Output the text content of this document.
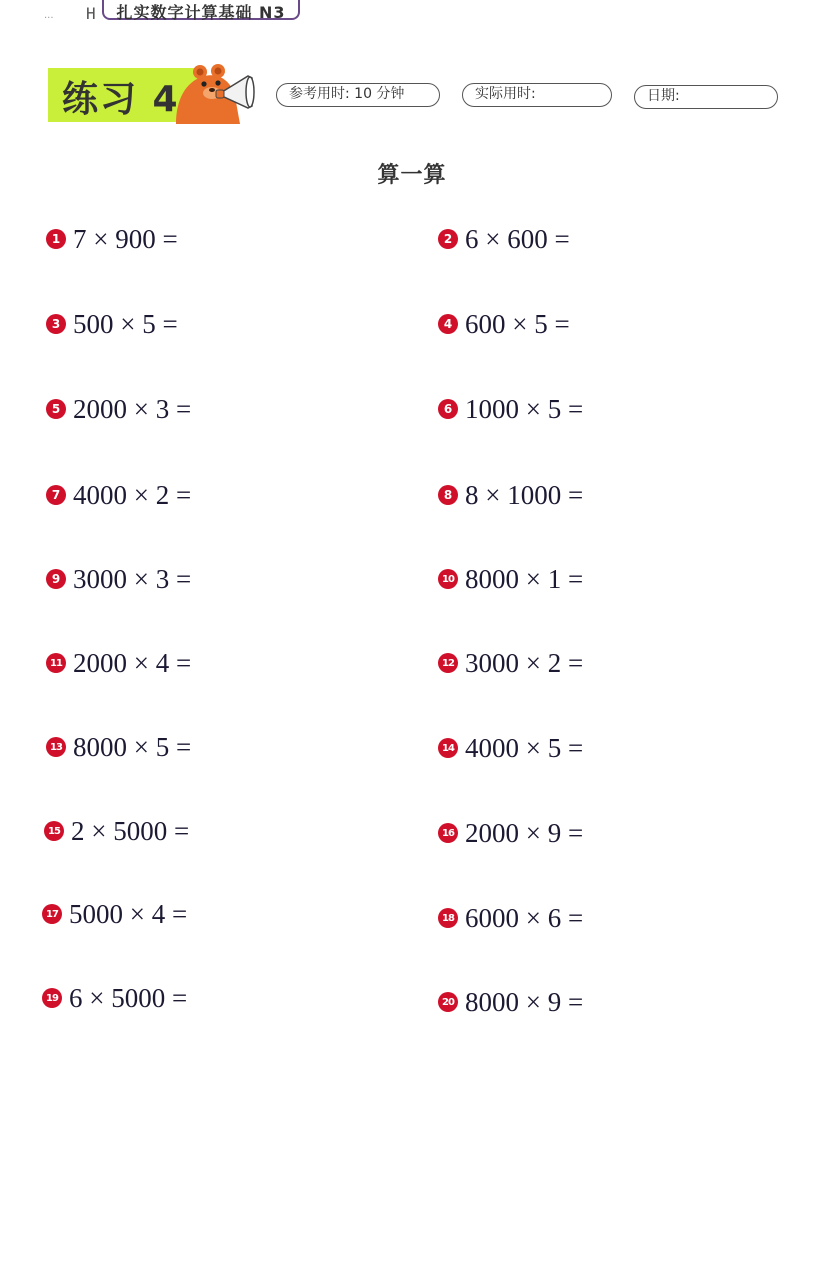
... H	扎实数字计算基础 N3
练习 4	参考用时: 10 分钟	实际用时:	日期:
算一算
1 7 × 900 =	2 6 × 600 =
3 500 × 5 =	4 600 × 5 =
5 2000 × 3 =	6 1000 × 5 =
7 4000 × 2 =	8 8 × 1000 =
9 3000 × 3 =	10 8000 × 1 =
11 2000 × 4 =	12 3000 × 2 =
13 8000 × 5 =	14 4000 × 5 =
15 2 × 5000 =	16 2000 × 9 =
17 5000 × 4 =	18 6000 × 6 =
19 6 × 5000 =	20 8000 × 9 =
